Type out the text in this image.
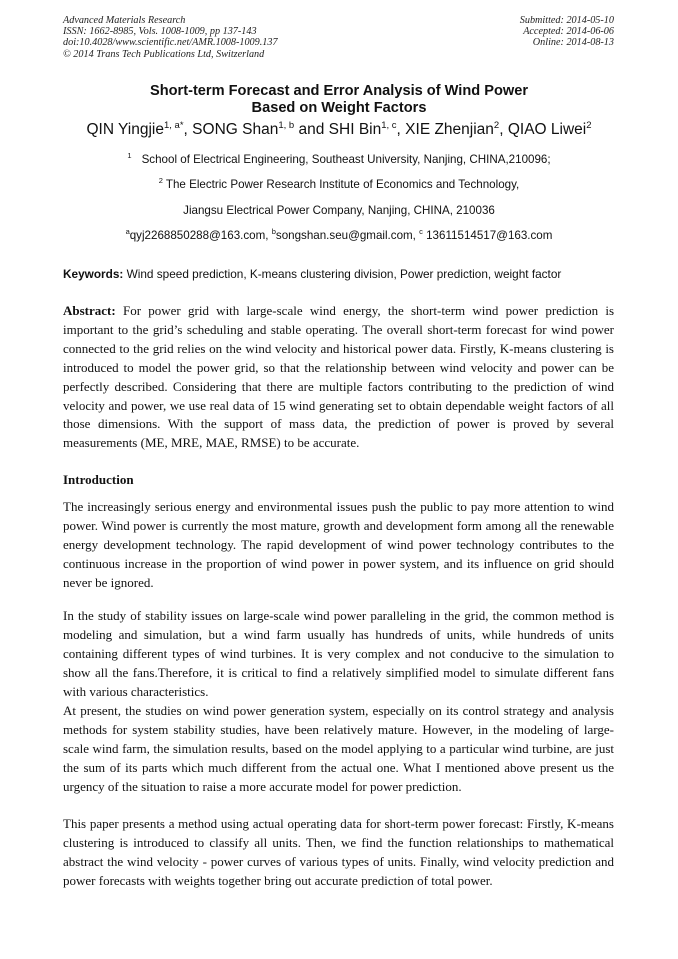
Advanced Materials Research
ISSN: 1662-8985, Vols. 1008-1009, pp 137-143
doi:10.4028/www.scientific.net/AMR.1008-1009.137
© 2014 Trans Tech Publications Ltd, Switzerland
Submitted: 2014-05-10
Accepted: 2014-06-06
Online: 2014-08-13
Short-term Forecast and Error Analysis of Wind Power
Based on Weight Factors
QIN Yingjie$^{1, a*}$, SONG Shan$^{1, b}$ and SHI Bin$^{1, c}$, XIE Zhenjian$^2$, QIAO Liwei$^2$
$^1$ School of Electrical Engineering, Southeast University, Nanjing, CHINA,210096;
$^2$ The Electric Power Research Institute of Economics and Technology,
Jiangsu Electrical Power Company, Nanjing, CHINA, 210036
$^a$qyj2268850288@163.com, $^b$songshan.seu@gmail.com, $^c$ 13611514517@163.com
Keywords: Wind speed prediction, K-means clustering division, Power prediction, weight factor
Abstract: For power grid with large-scale wind energy, the short-term wind power prediction is important to the grid’s scheduling and stable operating. The overall short-term forecast for wind power connected to the grid relies on the wind velocity and historical power data. Firstly, K-means clustering is introduced to model the power grid, so that the relationship between wind velocity and power can be perfectly described. Considering that there are multiple factors contributing to the prediction of wind velocity and power, we use real data of 15 wind generating set to obtain dependable weight factors of all those dimensions. With the support of mass data, the prediction of power is proved by several measurements (ME, MRE, MAE, RMSE) to be accurate.
Introduction
The increasingly serious energy and environmental issues push the public to pay more attention to wind power. Wind power is currently the most mature, growth and development form among all the renewable energy development technology. The rapid development of wind power technology contributes to the continuous increase in the proportion of wind power in power system, and its influence on grid should never be ignored.
In the study of stability issues on large-scale wind power paralleling in the grid, the common method is modeling and simulation, but a wind farm usually has hundreds of units, while hundreds of units containing different types of wind turbines. It is very complex and not conducive to the simulation to show all the fans.Therefore, it is critical to find a relatively simplified model to simulate different fans with various characteristics.
At present, the studies on wind power generation system, especially on its control strategy and analysis methods for system stability studies, have been relatively mature. However, in the modeling of large-scale wind farm, the simulation results, based on the model applying to a particular wind turbine, are just the sum of its parts which much different from the actual one. What I mentioned above present us the urgency of the situation to raise a more accurate model for power prediction.
This paper presents a method using actual operating data for short-term power forecast: Firstly, K-means clustering is introduced to classify all units. Then, we find the function relationships to mathematical abstract the wind velocity - power curves of various types of units. Finally, wind velocity prediction and power forecasts with weights together bring out accurate prediction of total power.
